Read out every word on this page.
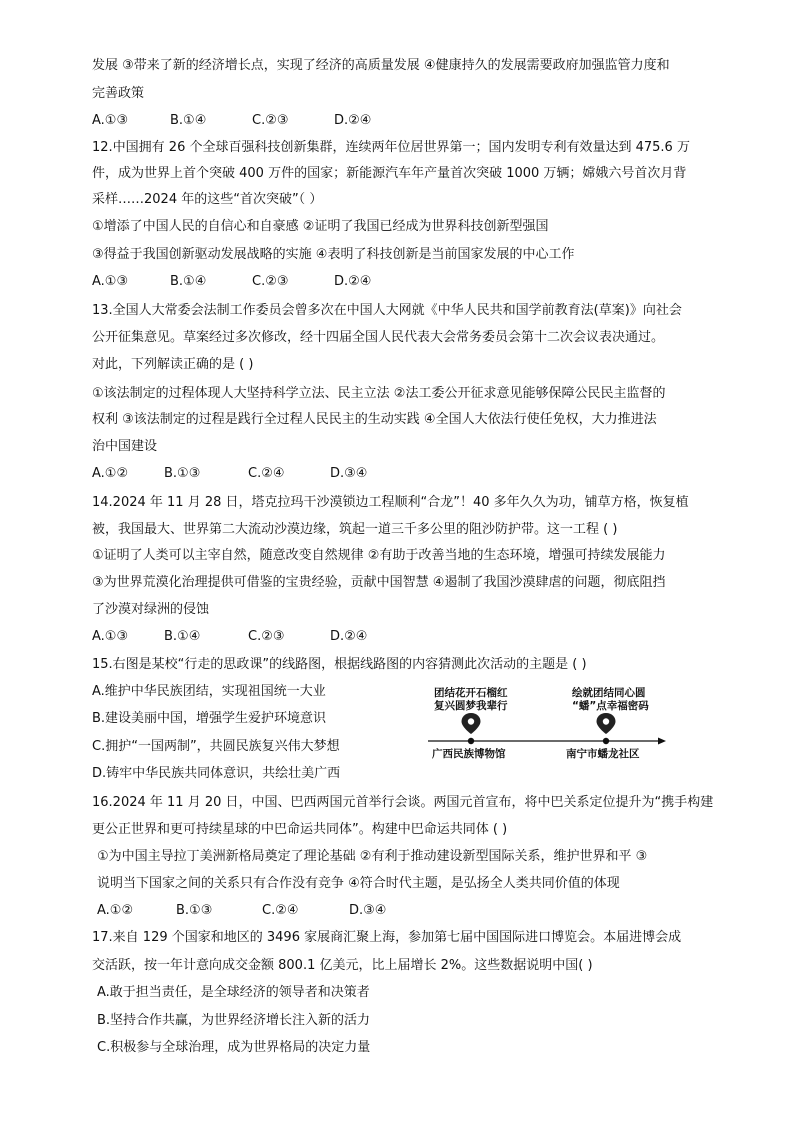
发展 ③带来了新的经济增长点，实现了经济的高质量发展 ④健康持久的发展需要政府加强监管力度和
完善政策
A.①③	B.①④	C.②③	D.②④
12.中国拥有 26 个全球百强科技创新集群，连续两年位居世界第一；国内发明专利有效量达到 475.6 万
件，成为世界上首个突破 400 万件的国家；新能源汽车年产量首次突破 1000 万辆；嫦娥六号首次月背
采样……2024 年的这些“首次突破”（ ）
①增添了中国人民的自信心和自豪感 ②证明了我国已经成为世界科技创新型强国
③得益于我国创新驱动发展战略的实施 ④表明了科技创新是当前国家发展的中心工作
A.①③	B.①④	C.②③	D.②④
13.全国人大常委会法制工作委员会曾多次在中国人大网就《中华人民共和国学前教育法(草案)》向社会
公开征集意见。草案经过多次修改，经十四届全国人民代表大会常务委员会第十二次会议表决通过。
对此，下列解读正确的是 ( )
①该法制定的过程体现人大坚持科学立法、民主立法 ②法工委公开征求意见能够保障公民民主监督的
权利 ③该法制定的过程是践行全过程人民民主的生动实践 ④全国人大依法行使任免权，大力推进法
治中国建设
A.①②	B.①③	C.②④	D.③④
14.2024 年 11 月 28 日，塔克拉玛干沙漠锁边工程顺利“合龙”！40 多年久久为功，铺草方格，恢复植
被，我国最大、世界第二大流动沙漠边缘，筑起一道三千多公里的阻沙防护带。这一工程 ( )
①证明了人类可以主宰自然，随意改变自然规律 ②有助于改善当地的生态环境，增强可持续发展能力
③为世界荒漠化治理提供可借鉴的宝贵经验，贡献中国智慧 ④遏制了我国沙漠肆虐的问题，彻底阻挡
了沙漠对绿洲的侵蚀
A.①③	B.①④	C.②③	D.②④
15.右图是某校“行走的思政课”的线路图，根据线路图的内容猜测此次活动的主题是 ( )
A.维护中华民族团结，实现祖国统一大业
B.建设美丽中国，增强学生爱护环境意识
C.拥护“一国两制”，共圆民族复兴伟大梦想
D.铸牢中华民族共同体意识，共绘壮美广西
团结花开石榴红
复兴圆梦我辈行
广西民族博物馆
绘就团结同心圆
“蟠”点幸福密码
南宁市蟠龙社区
16.2024 年 11 月 20 日，中国、巴西两国元首举行会谈。两国元首宣布，将中巴关系定位提升为“携手构建
更公正世界和更可持续星球的中巴命运共同体”。构建中巴命运共同体 ( )
①为中国主导拉丁美洲新格局奠定了理论基础 ②有利于推动建设新型国际关系，维护世界和平 ③
说明当下国家之间的关系只有合作没有竞争 ④符合时代主题，是弘扬全人类共同价值的体现
A.①②	B.①③	C.②④	D.③④
17.来自 129 个国家和地区的 3496 家展商汇聚上海，参加第七届中国国际进口博览会。本届进博会成
交活跃，按一年计意向成交金额 800.1 亿美元，比上届增长 2%。这些数据说明中国( )
A.敢于担当责任，是全球经济的领导者和决策者
B.坚持合作共赢，为世界经济增长注入新的活力
C.积极参与全球治理，成为世界格局的决定力量
